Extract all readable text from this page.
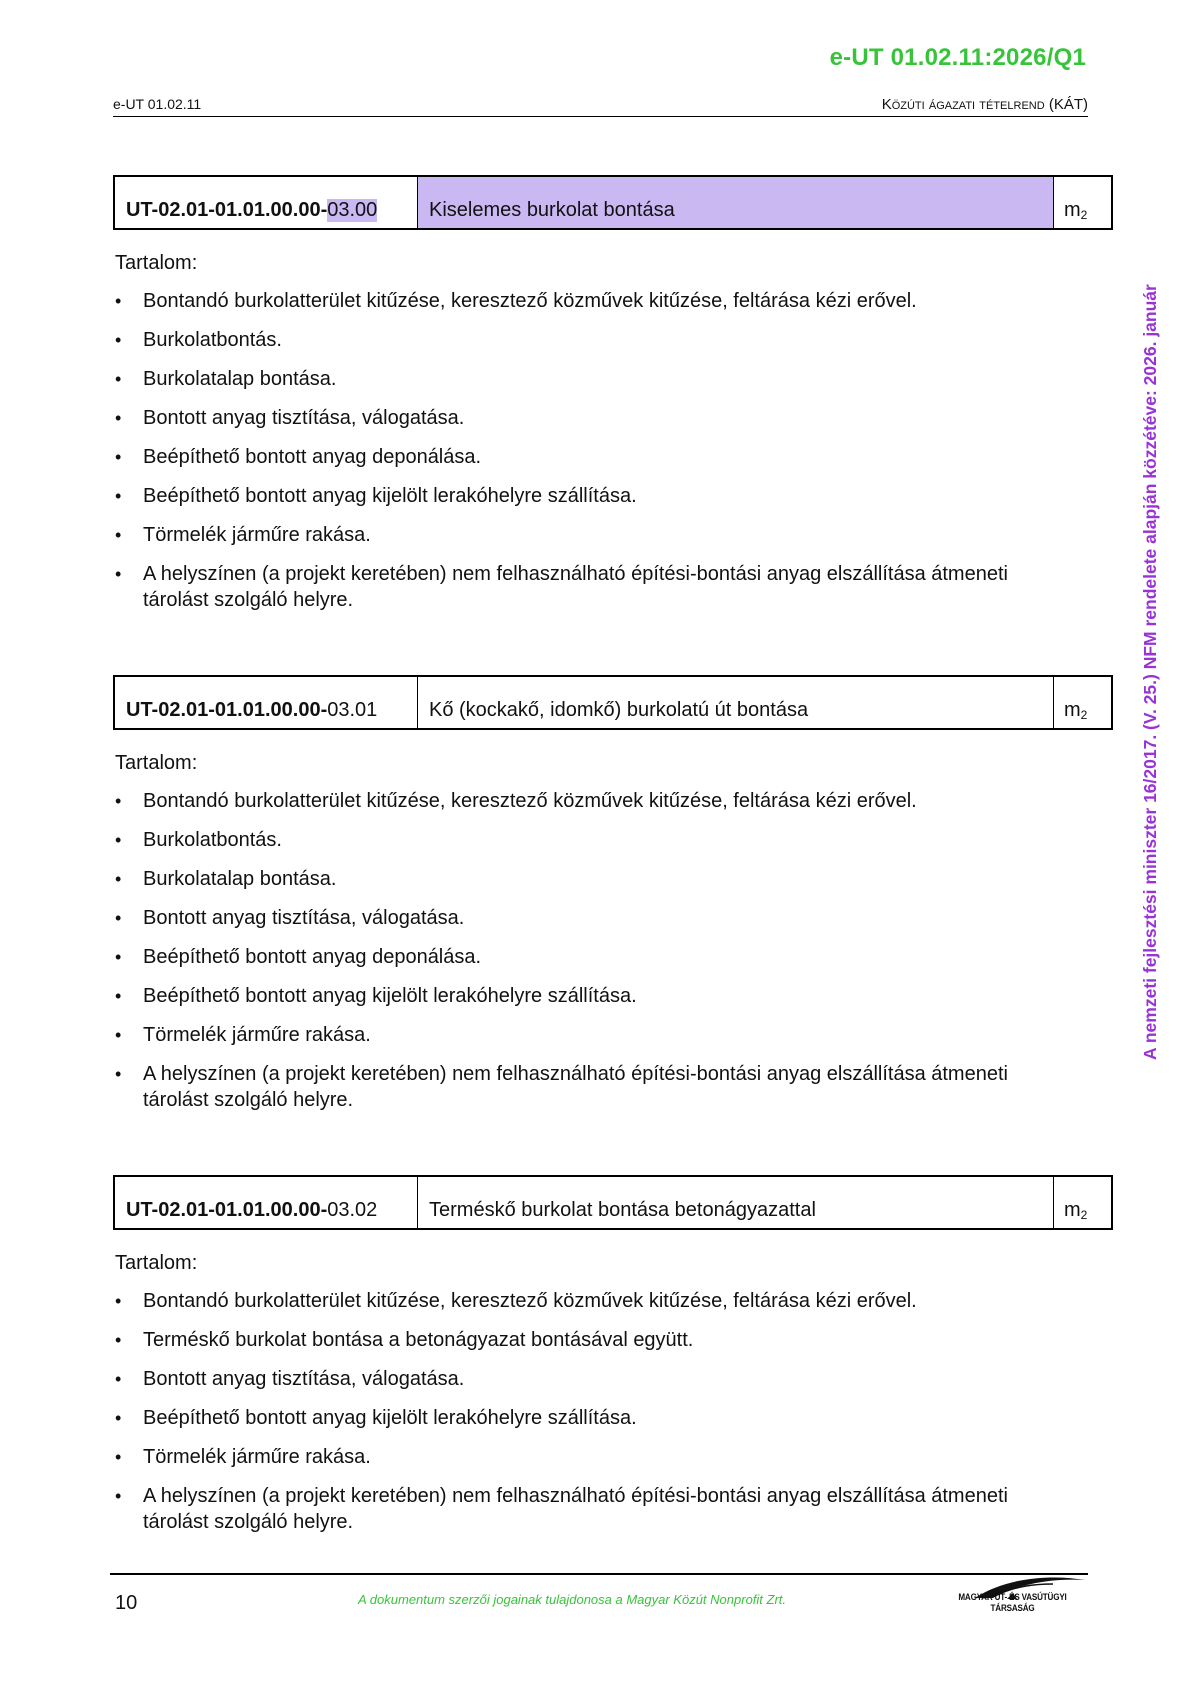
e-UT 01.02.11:2026/Q1
e-UT 01.02.11	Közúti ágazati tételrend (KÁT)
A nemzeti fejlesztési miniszter 16/2017. (V. 25.) NFM rendelete alapján közzétéve: 2026. január
UT-02.01-01.01.00.00- 03.00	Kiselemes burkolat bontása	$m_2$
Tartalom:
• Bontandó burkolatterület kitűzése, keresztező közművek kitűzése, feltárása kézi erővel.
• Burkolatbontás.
• Burkolatalap bontása.
• Bontott anyag tisztítása, válogatása.
• Beépíthető bontott anyag deponálása.
• Beépíthető bontott anyag kijelölt lerakóhelyre szállítása.
• Törmelék járműre rakása.
• A helyszínen (a projekt keretében) nem felhasználható építési-bontási anyag elszállítása átmeneti tárolást szolgáló helyre.
UT-02.01-01.01.00.00- 03.01	Kő (kockakő, idomkő) burkolatú út bontása	$m_2$
Tartalom:
• Bontandó burkolatterület kitűzése, keresztező közművek kitűzése, feltárása kézi erővel.
• Burkolatbontás.
• Burkolatalap bontása.
• Bontott anyag tisztítása, válogatása.
• Beépíthető bontott anyag deponálása.
• Beépíthető bontott anyag kijelölt lerakóhelyre szállítása.
• Törmelék járműre rakása.
• A helyszínen (a projekt keretében) nem felhasználható építési-bontási anyag elszállítása átmeneti tárolást szolgáló helyre.
UT-02.01-01.01.00.00- 03.02	Terméskő burkolat bontása betonágyazattal	$m_2$
Tartalom:
• Bontandó burkolatterület kitűzése, keresztező közművek kitűzése, feltárása kézi erővel.
• Terméskő burkolat bontása a betonágyazat bontásával együtt.
• Bontott anyag tisztítása, válogatása.
• Beépíthető bontott anyag kijelölt lerakóhelyre szállítása.
• Törmelék járműre rakása.
• A helyszínen (a projekt keretében) nem felhasználható építési-bontási anyag elszállítása átmeneti tárolást szolgáló helyre.
10	A dokumentum szerzői jogainak tulajdonosa a Magyar Közút Nonprofit Zrt.	MAGYAR ÚT- ÉS VASÚTÜGYI TÁRSASÁG
